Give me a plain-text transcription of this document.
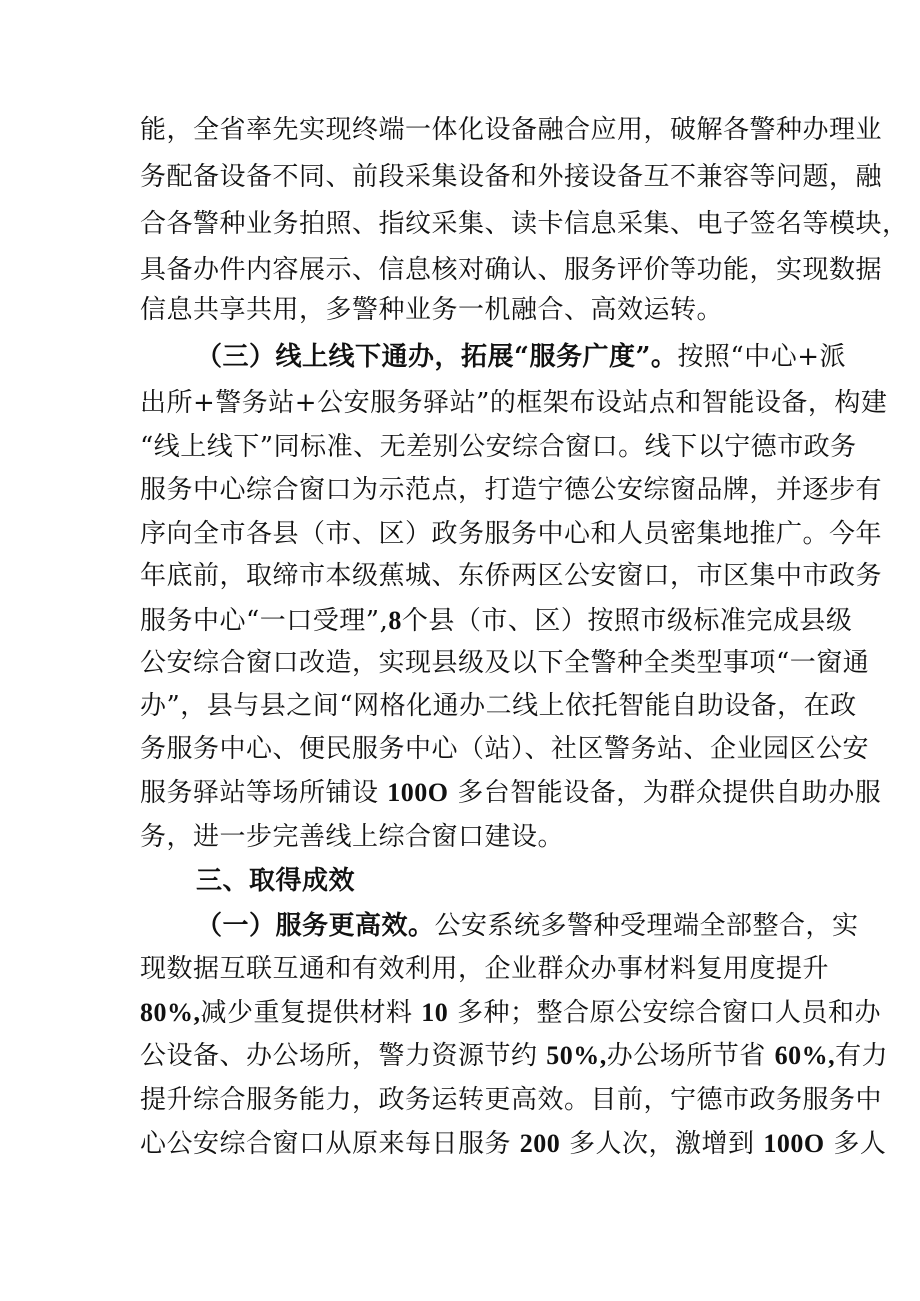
能，全省率先实现终端一体化设备融合应用，破解各警种办理业
务配备设备不同、前段采集设备和外接设备互不兼容等问题，融
合各警种业务拍照、指纹采集、读卡信息采集、电子签名等模块，
具备办件内容展示、信息核对确认、服务评价等功能，实现数据
信息共享共用，多警种业务一机融合、高效运转。
（三）线上线下通办，拓展“服务广度”。按照“中心+派
出所+警务站+公安服务驿站”的框架布设站点和智能设备，构建
“线上线下”同标准、无差别公安综合窗口。线下以宁德市政务
服务中心综合窗口为示范点，打造宁德公安综窗品牌，并逐步有
序向全市各县（市、区）政务服务中心和人员密集地推广。今年
年底前，取缔市本级蕉城、东侨两区公安窗口，市区集中市政务
服务中心“一口受理”,8个县（市、区）按照市级标准完成县级
公安综合窗口改造，实现县级及以下全警种全类型事项“一窗通
办”，县与县之间“网格化通办二线上依托智能自助设备，在政
务服务中心、便民服务中心（站）、社区警务站、企业园区公安
服务驿站等场所铺设 100O 多台智能设备，为群众提供自助办服
务，进一步完善线上综合窗口建设。
三、取得成效
（一）服务更高效。公安系统多警种受理端全部整合，实
现数据互联互通和有效利用，企业群众办事材料复用度提升
80%,减少重复提供材料 10 多种；整合原公安综合窗口人员和办
公设备、办公场所，警力资源节约 50%,办公场所节省 60%,有力
提升综合服务能力，政务运转更高效。目前，宁德市政务服务中
心公安综合窗口从原来每日服务 200 多人次，激增到 100O 多人
